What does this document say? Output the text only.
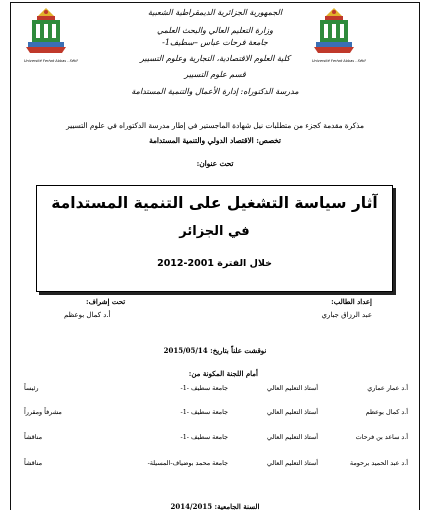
Université Ferhat Abbas - Sétif	Université Ferhat Abbas - Sétif
الجمهورية الجزائرية الديمقراطية الشعبية
وزارة التعليم العالي والبحث العلمي
جامعة فرحات عباس –سطيف1-
كلية العلوم الاقتصادية، التجارية وعلوم التسيير
قسم علوم التسيير
مدرسة الدكتوراه: إدارة الأعمال والتنمية المستدامة
مذكرة مقدمة كجزء من متطلبات نيل شهادة الماجستير في إطار مدرسة الدكتوراه في علوم التسيير
تخصص: الاقتصاد الدولي والتنمية المستدامة
تحت عنوان:
آثار سياسة التشغيل على التنمية المستدامة
في الجزائر
خلال الفترة 2001-2012
إعداد الطالب:
عبد الرزاق جباري
تحت إشراف:
أ.د كمال بوعظم
نوقشت علناً بتاريخ: 2015/05/14
أمام اللجنة المكونة من:
أ.د عمار عماري
أستاذ التعليم العالي
جامعة سطيف -1-
رئيساً
أ.د كمال بوعظم
أستاذ التعليم العالي
جامعة سطيف -1-
مشرفاً ومقرراً
أ.د ساعد بن فرحات
أستاذ التعليم العالي
جامعة سطيف -1-
مناقشاً
أ.د عبد الحميد برحومة
أستاذ التعليم العالي
جامعة محمد بوضياف-المسيلة-
مناقشاً
السنة الجامعية: 2014/2015
